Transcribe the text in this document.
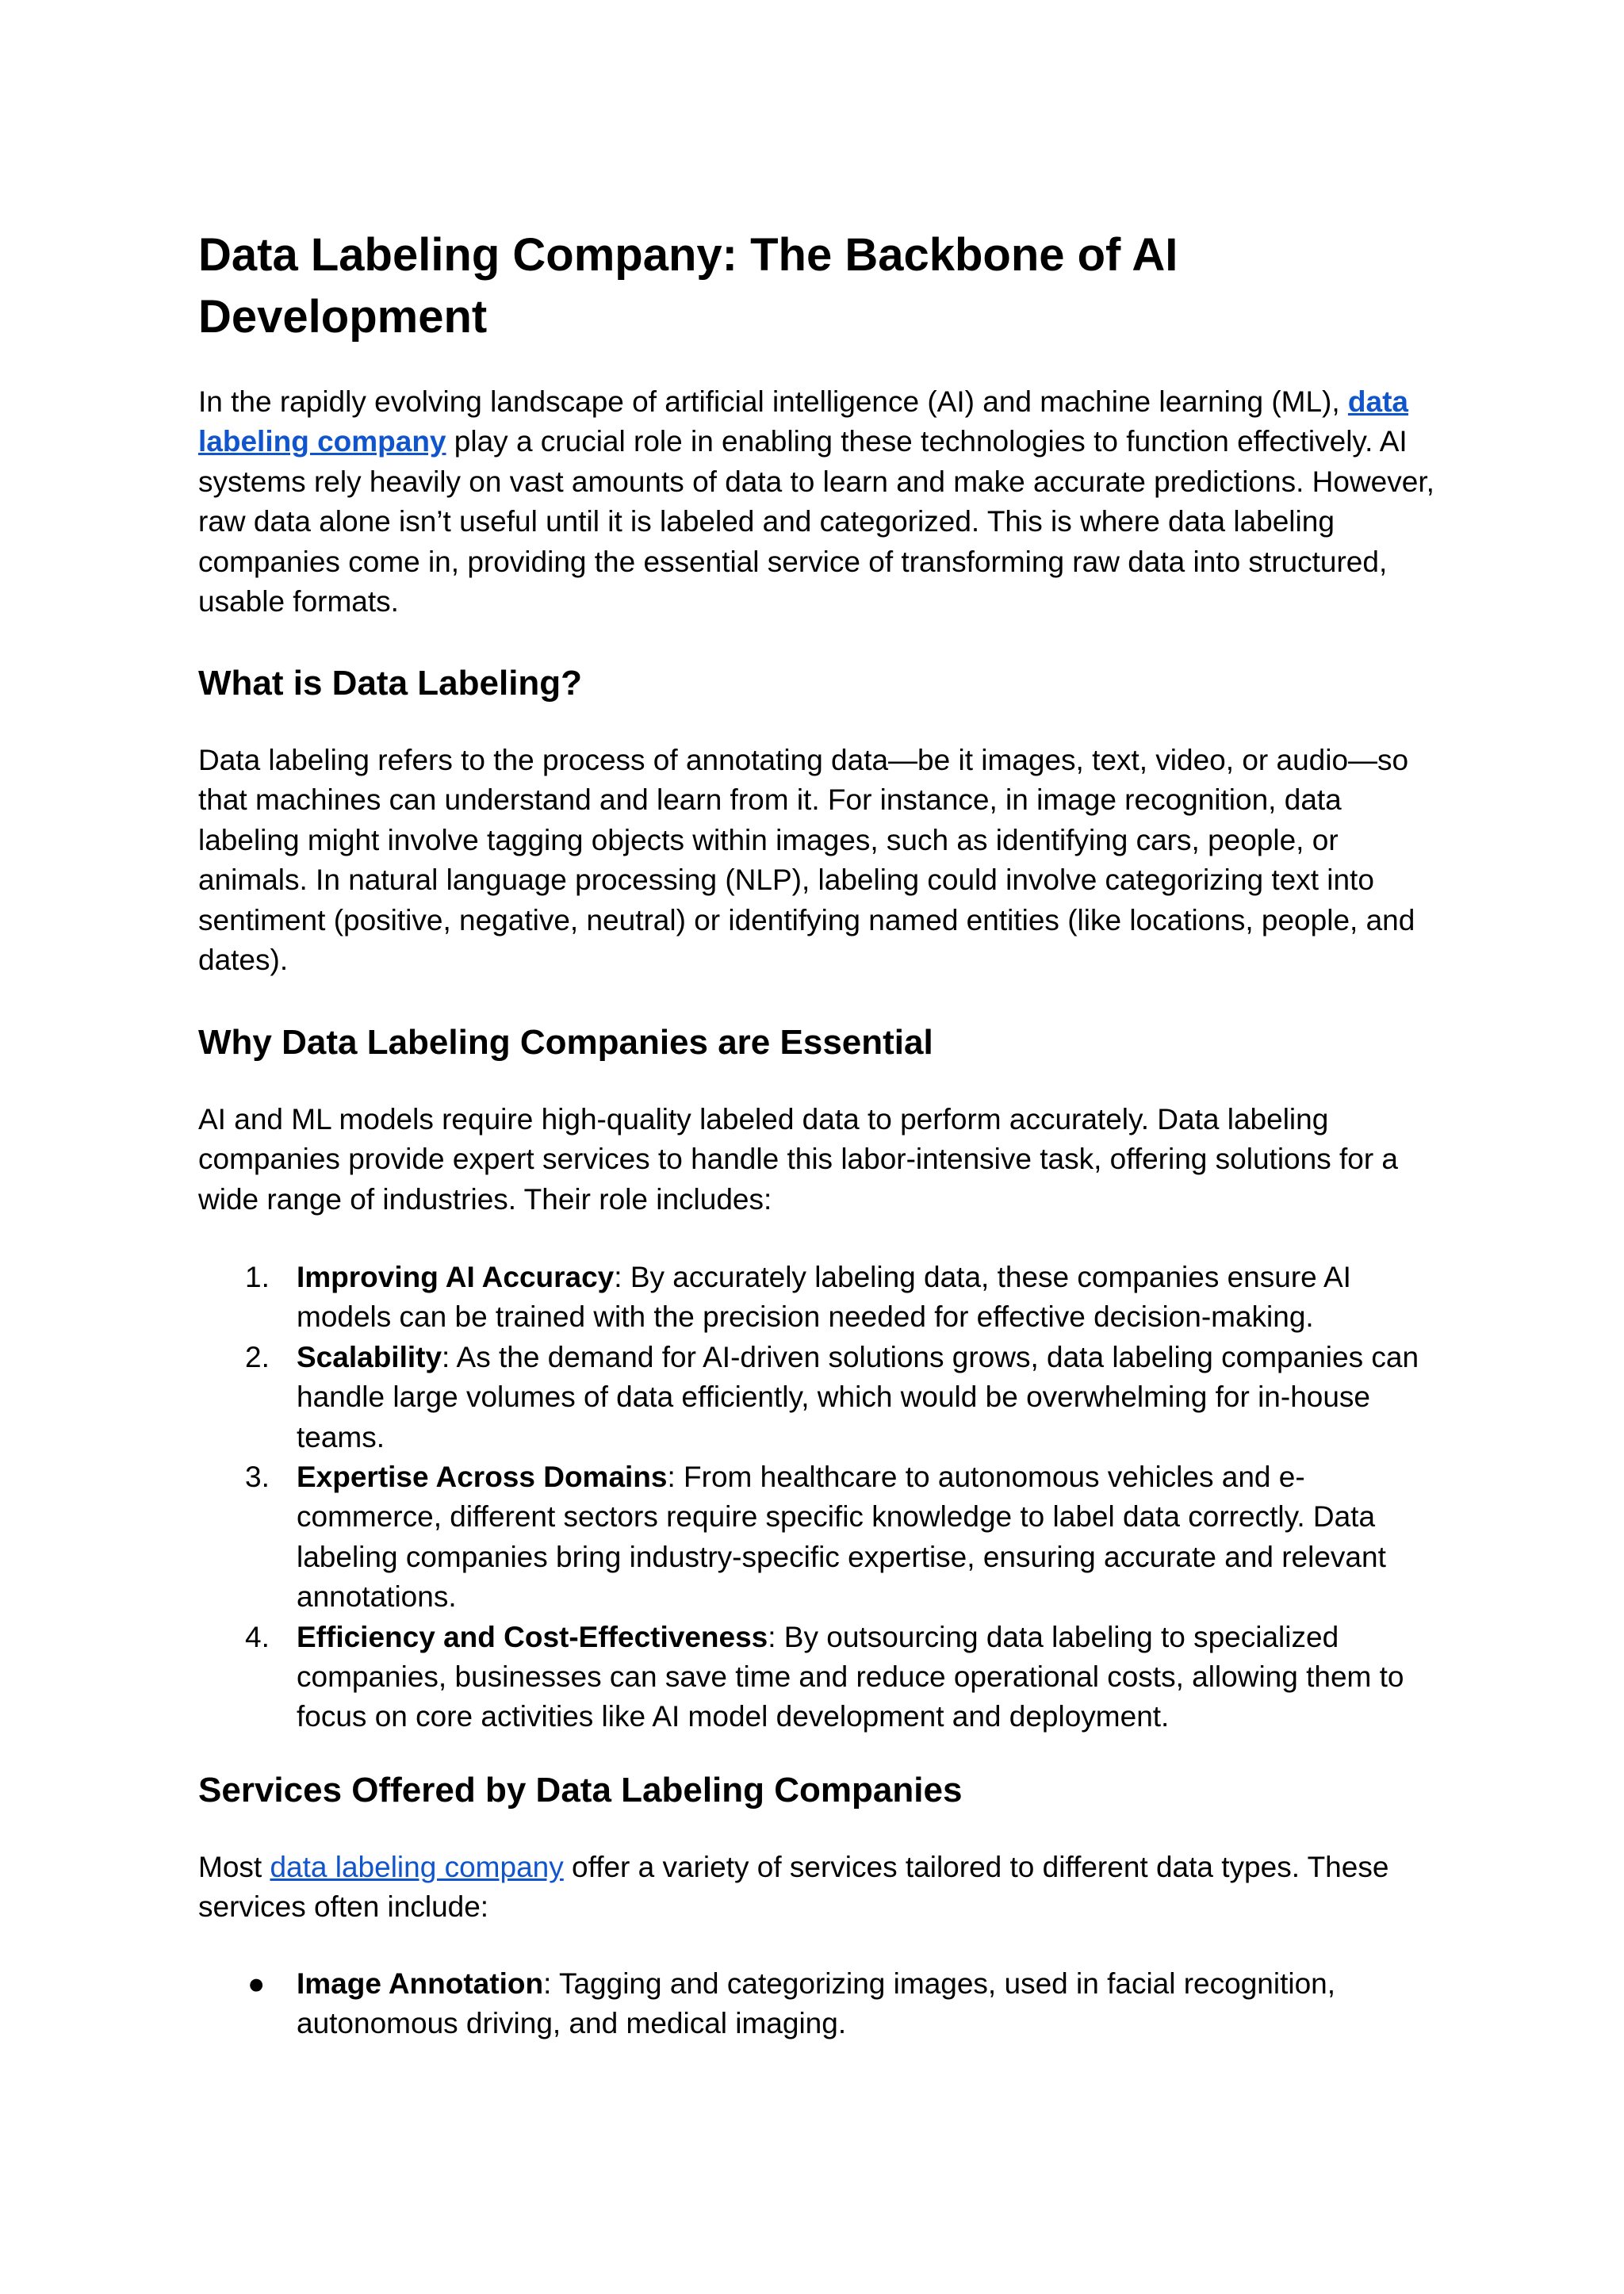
Data Labeling Company: The Backbone of AI Development

In the rapidly evolving landscape of artificial intelligence (AI) and machine learning (ML), data labeling company play a crucial role in enabling these technologies to function effectively. AI systems rely heavily on vast amounts of data to learn and make accurate predictions. However, raw data alone isn’t useful until it is labeled and categorized. This is where data labeling companies come in, providing the essential service of transforming raw data into structured, usable formats.

What is Data Labeling?

Data labeling refers to the process of annotating data—be it images, text, video, or audio—so that machines can understand and learn from it. For instance, in image recognition, data labeling might involve tagging objects within images, such as identifying cars, people, or animals. In natural language processing (NLP), labeling could involve categorizing text into sentiment (positive, negative, neutral) or identifying named entities (like locations, people, and dates).

Why Data Labeling Companies are Essential

AI and ML models require high-quality labeled data to perform accurately. Data labeling companies provide expert services to handle this labor-intensive task, offering solutions for a wide range of industries. Their role includes:

1. Improving AI Accuracy: By accurately labeling data, these companies ensure AI models can be trained with the precision needed for effective decision-making.
2. Scalability: As the demand for AI-driven solutions grows, data labeling companies can handle large volumes of data efficiently, which would be overwhelming for in-house teams.
3. Expertise Across Domains: From healthcare to autonomous vehicles and e-commerce, different sectors require specific knowledge to label data correctly. Data labeling companies bring industry-specific expertise, ensuring accurate and relevant annotations.
4. Efficiency and Cost-Effectiveness: By outsourcing data labeling to specialized companies, businesses can save time and reduce operational costs, allowing them to focus on core activities like AI model development and deployment.
Services Offered by Data Labeling Companies

Most data labeling company offer a variety of services tailored to different data types. These services often include:

● Image Annotation: Tagging and categorizing images, used in facial recognition, autonomous driving, and medical imaging.
